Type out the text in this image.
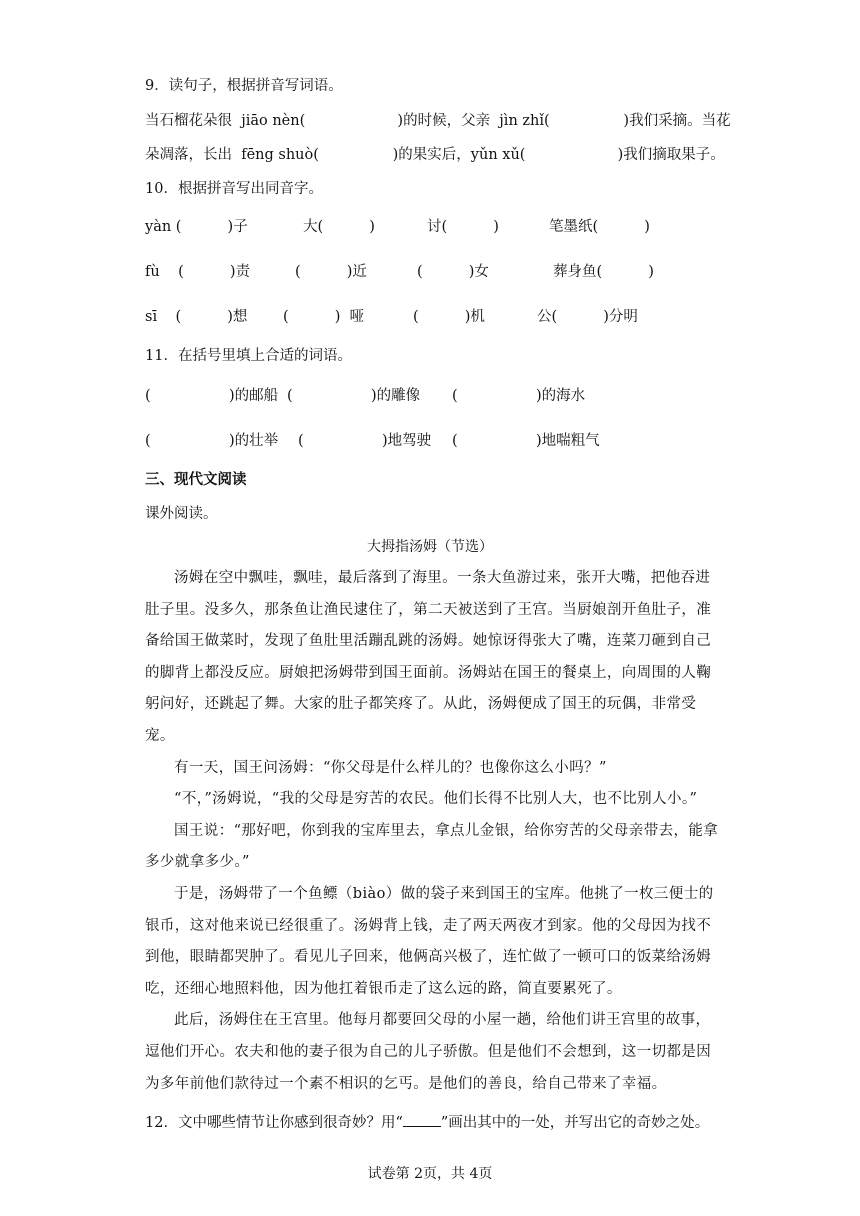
9．读句子，根据拼音写词语。
当石榴花朵很  jiāo nèn(                    )的时候，父亲  jìn zhǐ(                )我们采摘。当花
朵凋落，长出  fēng shuò(                )的果实后，yǔn xǔ(                    )我们摘取果子。
10．根据拼音写出同音字。
yàn (          )子	大(          )	讨(          )	笔墨纸(          )
fù    (          )责	(          )近	(          )女	葬身鱼(          )
sī    (          )想 (          )  哑	(          )机	公(          )分明
11．在括号里填上合适的词语。
(                 )的邮船 (                 )的雕像 (                 )的海水
(                 )的壮举 (                 )地驾驶 (                 )地喘粗气
三、现代文阅读
课外阅读。
大拇指汤姆（节选）

汤姆在空中飘哇，飘哇，最后落到了海里。一条大鱼游过来，张开大嘴，把他吞进肚子里。没多久，那条鱼让渔民逮住了，第二天被送到了王宫。当厨娘剖开鱼肚子，准备给国王做菜时，发现了鱼肚里活蹦乱跳的汤姆。她惊讶得张大了嘴，连菜刀砸到自己的脚背上都没反应。厨娘把汤姆带到国王面前。汤姆站在国王的餐桌上，向周围的人鞠躬问好，还跳起了舞。大家的肚子都笑疼了。从此，汤姆便成了国王的玩偶，非常受宠。

有一天，国王问汤姆：“你父母是什么样儿的？也像你这么小吗？”

“不，”汤姆说，“我的父母是穷苦的农民。他们长得不比别人大，也不比别人小。”

国王说：“那好吧，你到我的宝库里去，拿点儿金银，给你穷苦的父母亲带去，能拿多少就拿多少。”

于是，汤姆带了一个鱼鳔（biào）做的袋子来到国王的宝库。他挑了一枚三便士的银币，这对他来说已经很重了。汤姆背上钱，走了两天两夜才到家。他的父母因为找不到他，眼睛都哭肿了。看见儿子回来，他俩高兴极了，连忙做了一顿可口的饭菜给汤姆吃，还细心地照料他，因为他扛着银币走了这么远的路，简直要累死了。

此后，汤姆住在王宫里。他每月都要回父母的小屋一趟，给他们讲王宫里的故事，逗他们开心。农夫和他的妻子很为自己的儿子骄傲。但是他们不会想到，这一切都是因为多年前他们款待过一个素不相识的乞丐。是他们的善良，给自己带来了幸福。

12．文中哪些情节让你感到很奇妙？用“	”画出其中的一处，并写出它的奇妙之处。
试卷第 2页，共 4页
